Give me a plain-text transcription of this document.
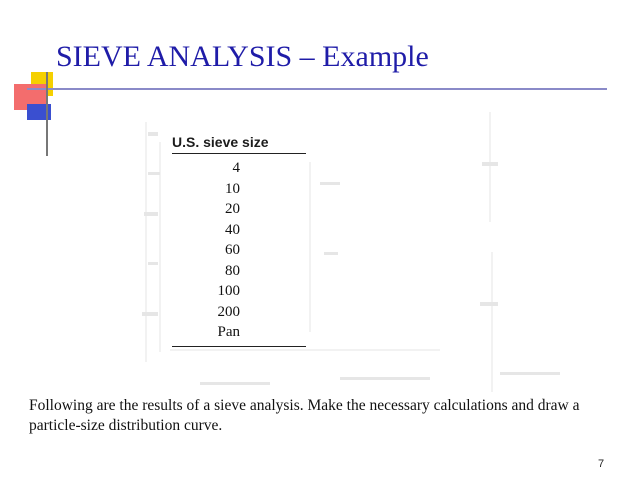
SIEVE ANALYSIS – Example
U.S. sieve size
4
10
20
40
60
80
100
200
Pan

Following are the results of a sieve analysis. Make the necessary calculations and draw a particle-size distribution curve.

7
